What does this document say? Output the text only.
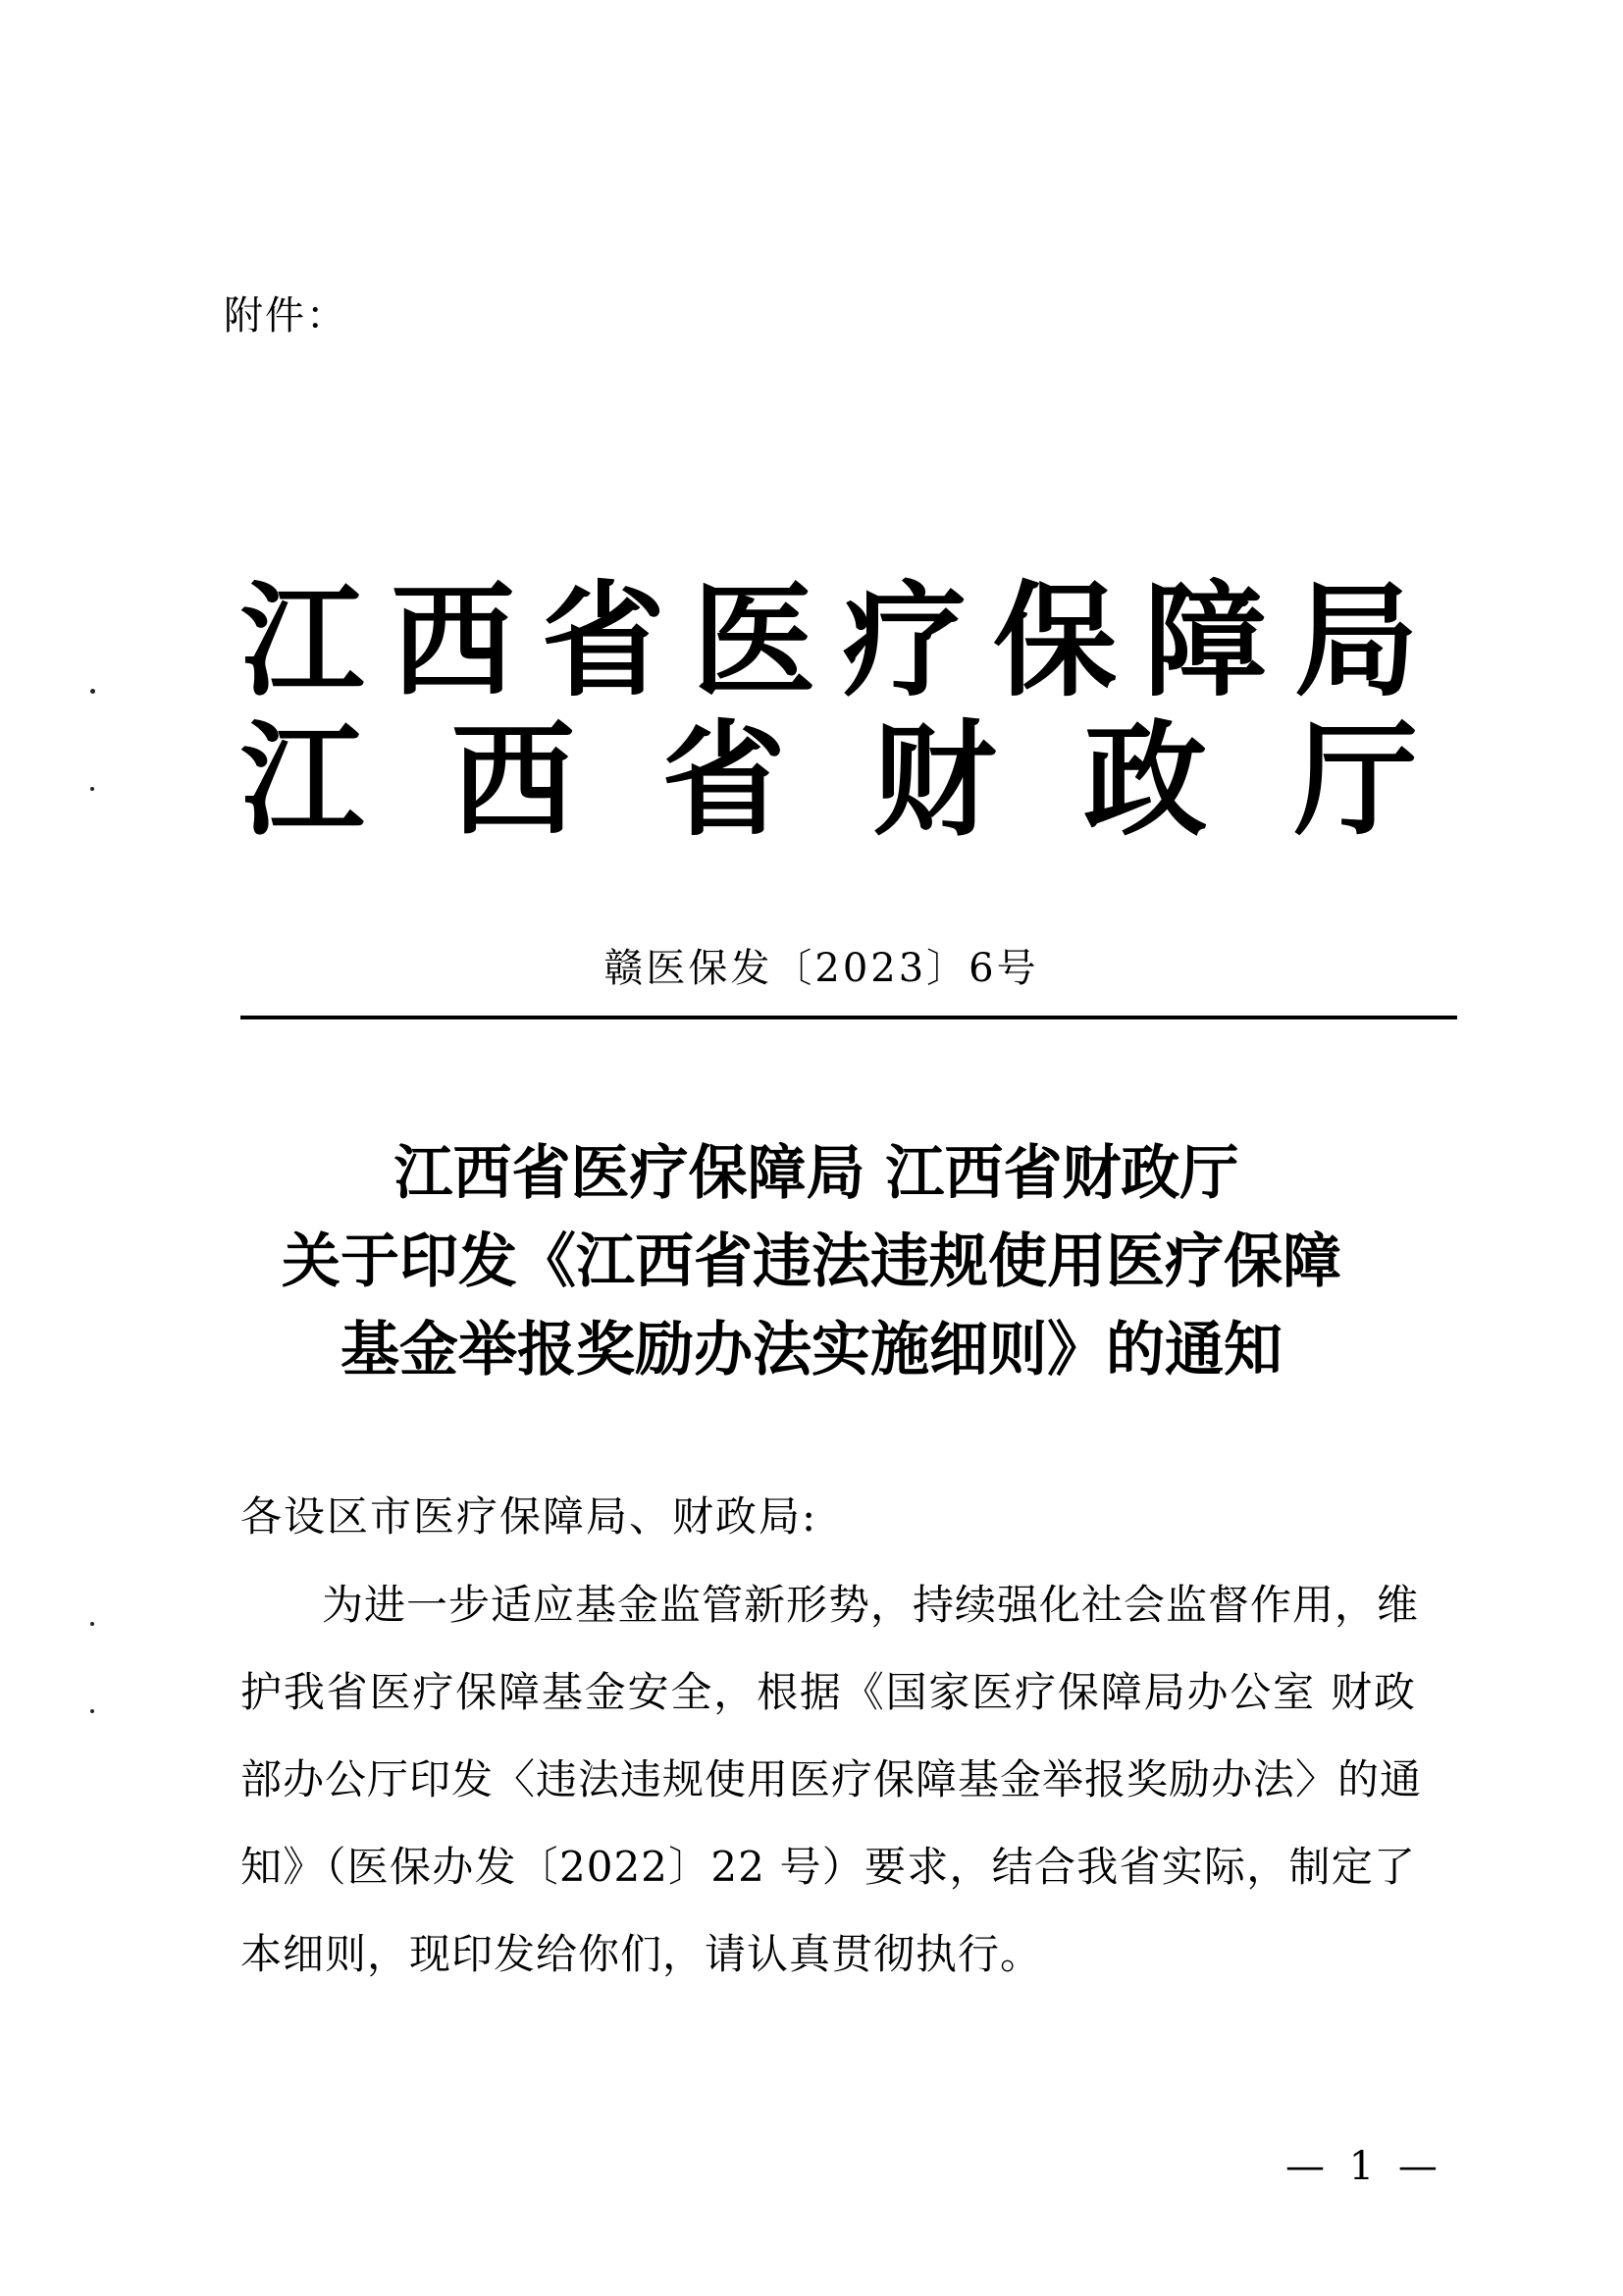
附件：
江 西 省 医 疗 保 障 局
江 西 省 财 政 厅
赣医保发〔2023〕6号
江西省医疗保障局 江西省财政厅
关于印发《江西省违法违规使用医疗保障
基金举报奖励办法实施细则》的通知
各设区市医疗保障局、财政局:
为进一步适应基金监管新形势，持续强化社会监督作用，维
护我省医疗保障基金安全，根据《国家医疗保障局办公室 财政
部办公厅印发〈违法违规使用医疗保障基金举报奖励办法〉的通
知》（医保办发〔2022〕22 号）要求，结合我省实际，制定了
本细则，现印发给你们，请认真贯彻执行。
— 1 —
